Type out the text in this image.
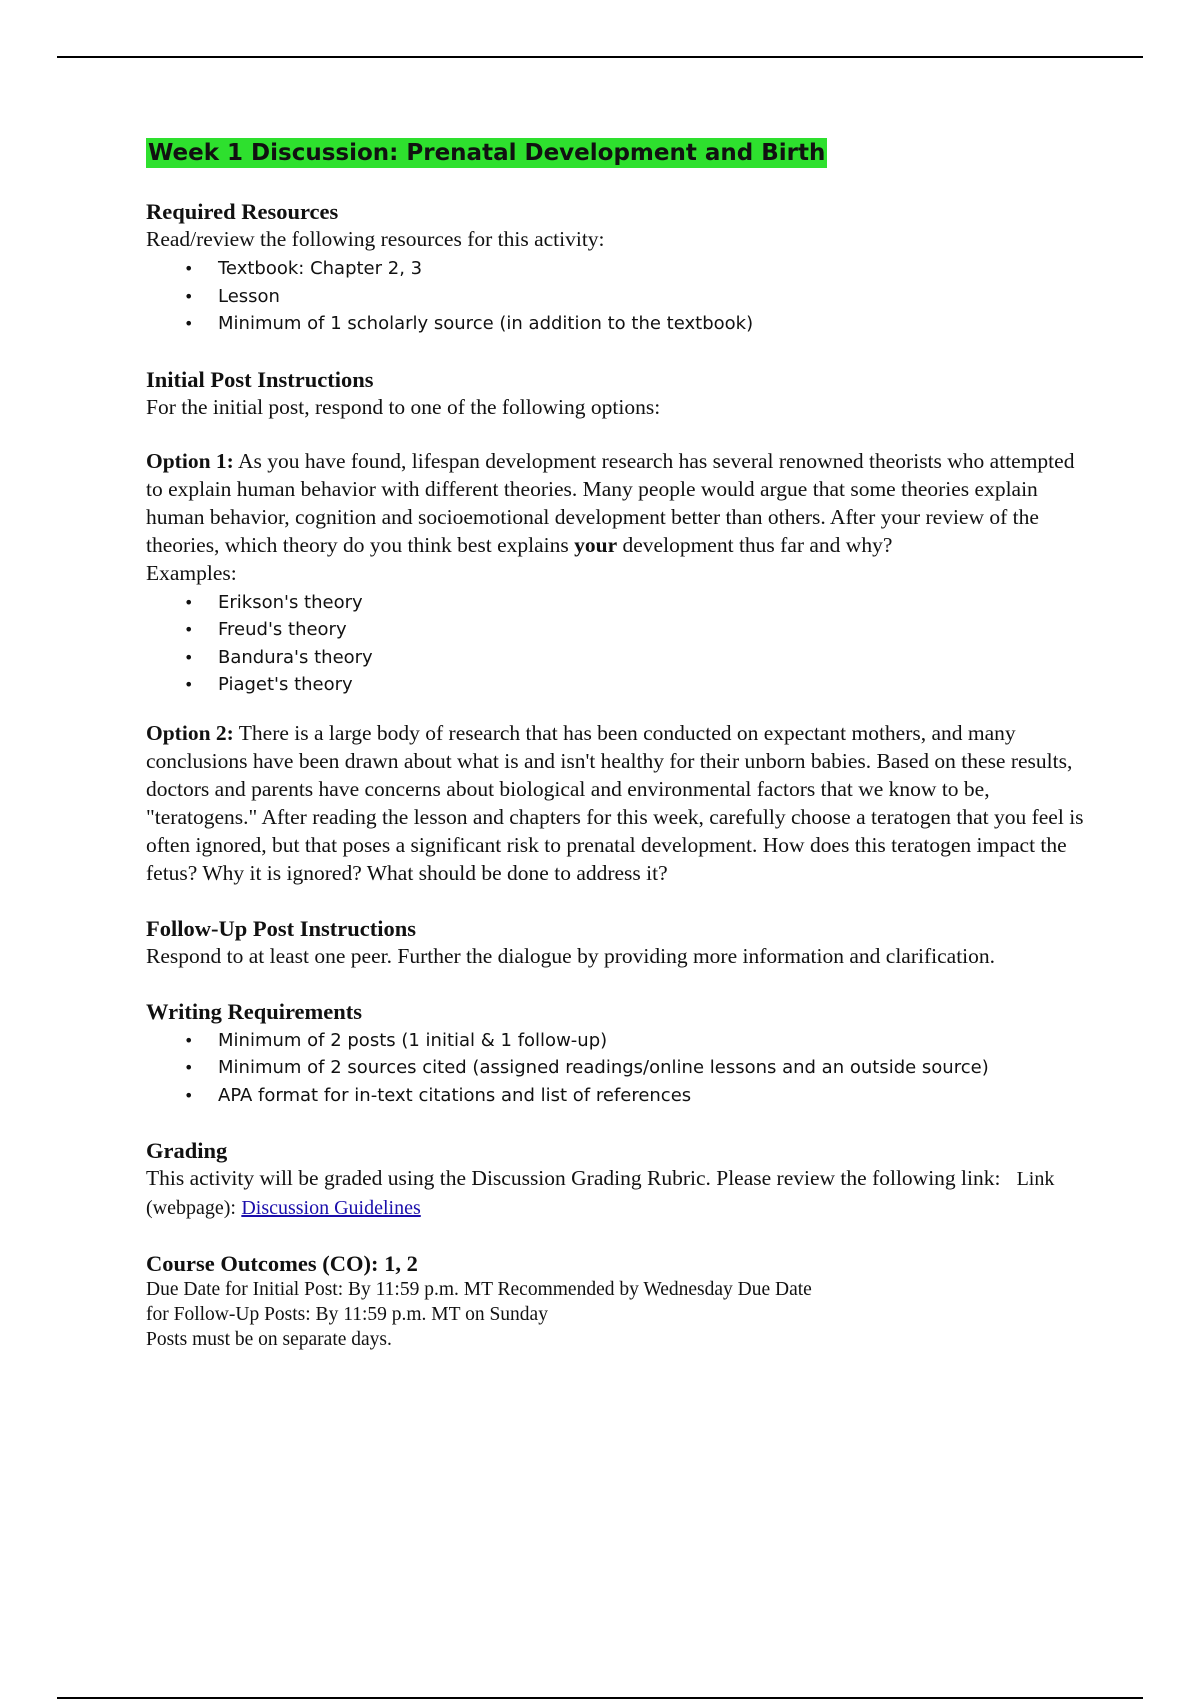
Week 1 Discussion: Prenatal Development and Birth
Required Resources

Read/review the following resources for this activity:

• Textbook: Chapter 2, 3
• Lesson
• Minimum of 1 scholarly source (in addition to the textbook)
Initial Post Instructions

For the initial post, respond to one of the following options:

Option 1: As you have found, lifespan development research has several renowned theorists who attempted to explain human behavior with different theories. Many people would argue that some theories explain human behavior, cognition and socioemotional development better than others. After your review of the theories, which theory do you think best explains your development thus far and why?

Examples:

• Erikson's theory
• Freud's theory
• Bandura's theory
• Piaget's theory

Option 2: There is a large body of research that has been conducted on expectant mothers, and many conclusions have been drawn about what is and isn't healthy for their unborn babies. Based on these results, doctors and parents have concerns about biological and environmental factors that we know to be, "teratogens." After reading the lesson and chapters for this week, carefully choose a teratogen that you feel is often ignored, but that poses a significant risk to prenatal development. How does this teratogen impact the fetus? Why it is ignored? What should be done to address it?

Follow-Up Post Instructions

Respond to at least one peer. Further the dialogue by providing more information and clarification.

Writing Requirements
• Minimum of 2 posts (1 initial & 1 follow-up)
• Minimum of 2 sources cited (assigned readings/online lessons and an outside source)
• APA format for in-text citations and list of references
Grading

This activity will be graded using the Discussion Grading Rubric. Please review the following link: Link (webpage): Discussion Guidelines

Course Outcomes (CO): 1, 2

Due Date for Initial Post: By 11:59 p.m. MT Recommended by Wednesday Due Date

for Follow-Up Posts: By 11:59 p.m. MT on Sunday

Posts must be on separate days.
